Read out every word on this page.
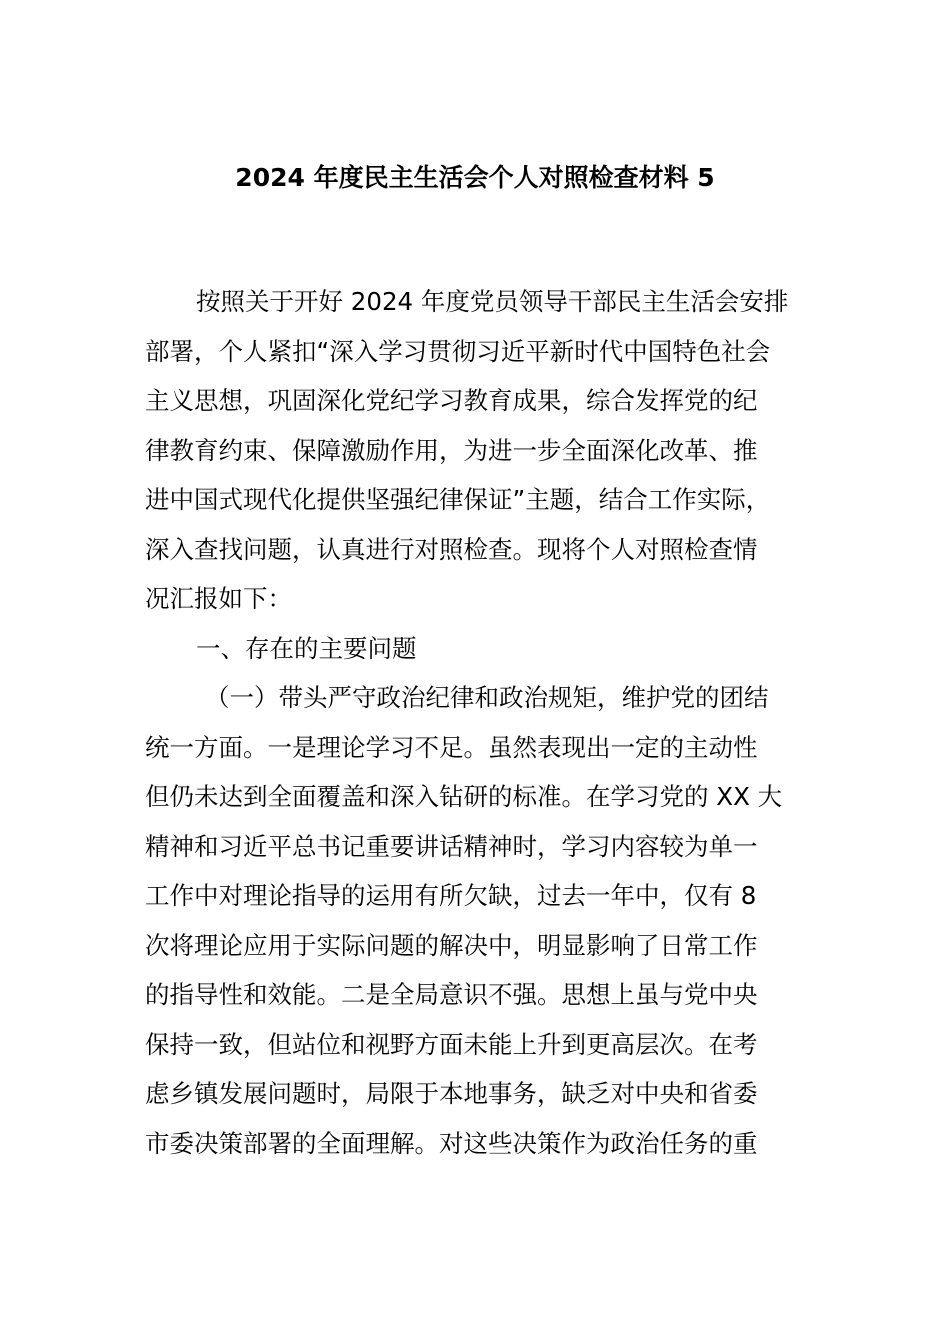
2024 年度民主生活会个人对照检查材料 5
按照关于开好 2024 年度党员领导干部民主生活会安排
部署，个人紧扣“深入学习贯彻习近平新时代中国特色社会
主义思想，巩固深化党纪学习教育成果，综合发挥党的纪
律教育约束、保障激励作用，为进一步全面深化改革、推
进中国式现代化提供坚强纪律保证”主题，结合工作实际，
深入查找问题，认真进行对照检查。现将个人对照检查情
况汇报如下：
一、存在的主要问题
（一）带头严守政治纪律和政治规矩，维护党的团结
统一方面。一是理论学习不足。虽然表现出一定的主动性
但仍未达到全面覆盖和深入钻研的标准。在学习党的 XX 大
精神和习近平总书记重要讲话精神时，学习内容较为单一
工作中对理论指导的运用有所欠缺，过去一年中，仅有 8
次将理论应用于实际问题的解决中，明显影响了日常工作
的指导性和效能。二是全局意识不强。思想上虽与党中央
保持一致，但站位和视野方面未能上升到更高层次。在考
虑乡镇发展问题时，局限于本地事务，缺乏对中央和省委
市委决策部署的全面理解。对这些决策作为政治任务的重
